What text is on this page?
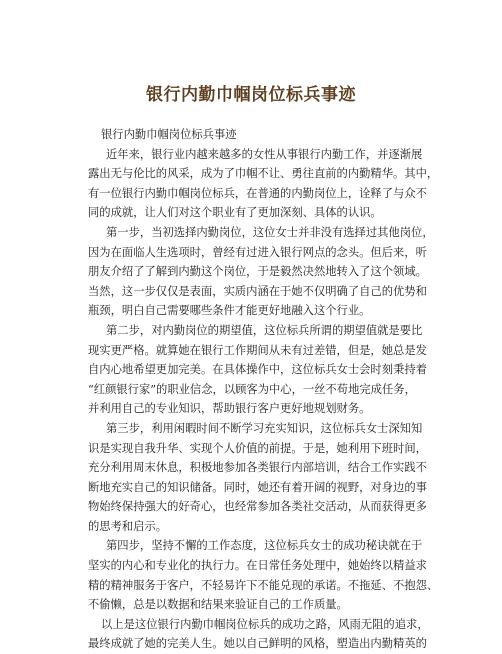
银行内勤巾帼岗位标兵事迹
银行内勤巾帼岗位标兵事迹
近年来，银行业内越来越多的女性从事银行内勤工作，并逐渐展
露出无与伦比的风采，成为了巾帼不让、勇往直前的内勤精华。其中，
有一位银行内勤巾帼岗位标兵，在普通的内勤岗位上，诠释了与众不
同的成就，让人们对这个职业有了更加深刻、具体的认识。
第一步，当初选择内勤岗位，这位女士并非没有选择过其他岗位，
因为在面临人生选项时，曾经有过进入银行网点的念头。但后来，听
朋友介绍了了解到内勤这个岗位，于是毅然决然地转入了这个领域。
当然，这一步仅仅是表面，实质内涵在于她不仅明确了自己的优势和
瓶颈，明白自己需要哪些条件才能更好地融入这个行业。
第二步，对内勤岗位的期望值，这位标兵所谓的期望值就是要比
现实更严格。就算她在银行工作期间从未有过差错，但是，她总是发
自内心地希望更加完美。在具体操作中，这位标兵女士会时刻秉持着
“红颜银行家”的职业信念，以顾客为中心，一丝不苟地完成任务，
并利用自己的专业知识，帮助银行客户更好地规划财务。
第三步，利用闲暇时间不断学习充实知识，这位标兵女士深知知
识是实现自我升华、实现个人价值的前提。于是，她利用下班时间，
充分利用周末休息，积极地参加各类银行内部培训，结合工作实践不
断地充实自己的知识储备。同时，她还有着开阔的视野，对身边的事
物始终保持强大的好奇心，也经常参加各类社交活动，从而获得更多
的思考和启示。
第四步，坚持不懈的工作态度，这位标兵女士的成功秘诀就在于
坚实的内心和专业化的执行力。在日常任务处理中，她始终以精益求
精的精神服务于客户，不轻易许下不能兑现的承诺。不拖延、不抱怨、
不偷懒，总是以数据和结果来验证自己的工作质量。
以上是这位银行内勤巾帼岗位标兵的成功之路，风雨无阻的追求，
最终成就了她的完美人生。她以自己鲜明的风格，塑造出内勤精英的
